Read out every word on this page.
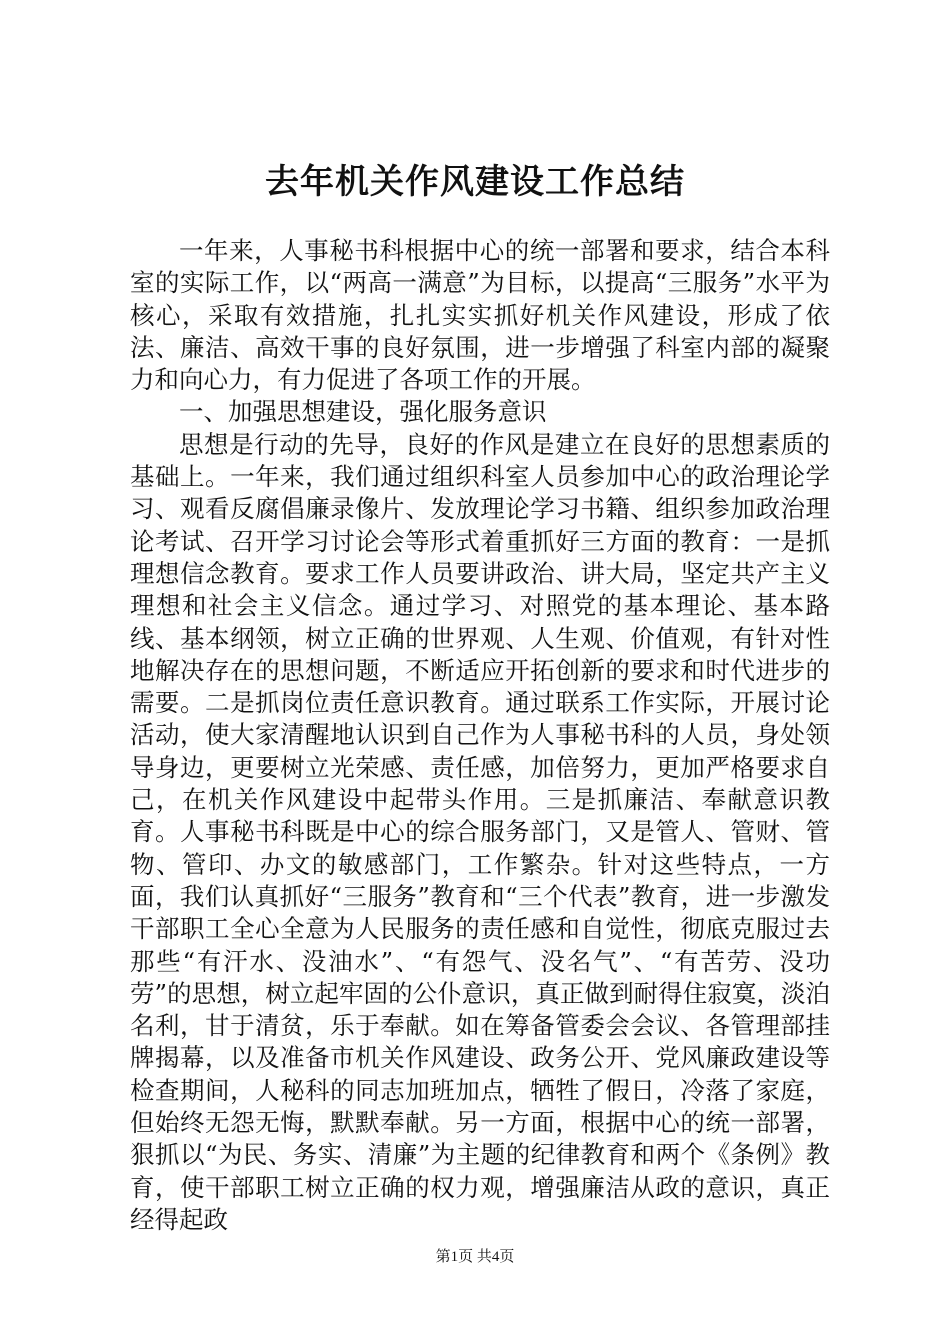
去年机关作风建设工作总结

一年来，人事秘书科根据中心的统一部署和要求，结合本科室的实际工作，以“两高一满意”为目标，以提高“三服务”水平为核心，采取有效措施，扎扎实实抓好机关作风建设，形成了依法、廉洁、高效干事的良好氛围，进一步增强了科室内部的凝聚力和向心力，有力促进了各项工作的开展。

一、加强思想建设，强化服务意识

思想是行动的先导，良好的作风是建立在良好的思想素质的基础上。一年来，我们通过组织科室人员参加中心的政治理论学习、观看反腐倡廉录像片、发放理论学习书籍、组织参加政治理论考试、召开学习讨论会等形式着重抓好三方面的教育：一是抓理想信念教育。要求工作人员要讲政治、讲大局，坚定共产主义理想和社会主义信念。通过学习、对照党的基本理论、基本路线、基本纲领，树立正确的世界观、人生观、价值观，有针对性地解决存在的思想问题，不断适应开拓创新的要求和时代进步的需要。二是抓岗位责任意识教育。通过联系工作实际，开展讨论活动，使大家清醒地认识到自己作为人事秘书科的人员，身处领导身边，更要树立光荣感、责任感，加倍努力，更加严格要求自己，在机关作风建设中起带头作用。三是抓廉洁、奉献意识教育。人事秘书科既是中心的综合服务部门，又是管人、管财、管物、管印、办文的敏感部门，工作繁杂。针对这些特点，一方面，我们认真抓好“三服务”教育和“三个代表”教育，进一步激发干部职工全心全意为人民服务的责任感和自觉性，彻底克服过去那些“有汗水、没油水”、“有怨气、没名气”、“有苦劳、没功劳”的思想，树立起牢固的公仆意识，真正做到耐得住寂寞，淡泊名利，甘于清贫，乐于奉献。如在筹备管委会会议、各管理部挂牌揭幕，以及准备市机关作风建设、政务公开、党风廉政建设等检查期间，人秘科的同志加班加点，牺牲了假日，冷落了家庭，但始终无怨无悔，默默奉献。另一方面，根据中心的统一部署，狠抓以“为民、务实、清廉”为主题的纪律教育和两个《条例》教育，使干部职工树立正确的权力观，增强廉洁从政的意识，真正经得起政

第1页 共4页
